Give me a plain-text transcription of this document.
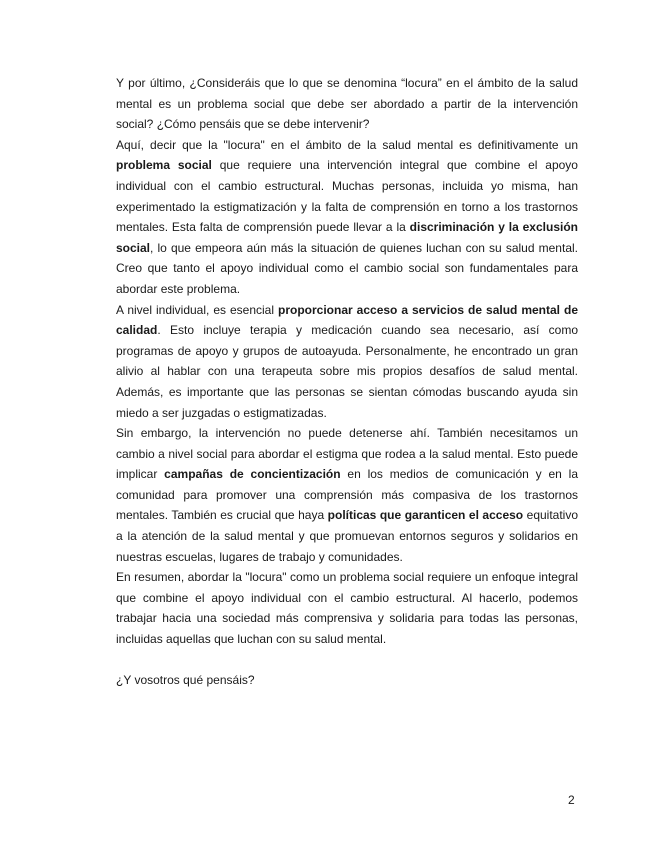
Y por último, ¿Consideráis que lo que se denomina “locura” en el ámbito de la salud mental es un problema social que debe ser abordado a partir de la intervención social? ¿Cómo pensáis que se debe intervenir?

Aquí, decir que la "locura" en el ámbito de la salud mental es definitivamente un problema social que requiere una intervención integral que combine el apoyo individual con el cambio estructural. Muchas personas, incluida yo misma, han experimentado la estigmatización y la falta de comprensión en torno a los trastornos mentales. Esta falta de comprensión puede llevar a la discriminación y la exclusión social, lo que empeora aún más la situación de quienes luchan con su salud mental. Creo que tanto el apoyo individual como el cambio social son fundamentales para abordar este problema.

A nivel individual, es esencial proporcionar acceso a servicios de salud mental de calidad. Esto incluye terapia y medicación cuando sea necesario, así como programas de apoyo y grupos de autoayuda. Personalmente, he encontrado un gran alivio al hablar con una terapeuta sobre mis propios desafíos de salud mental. Además, es importante que las personas se sientan cómodas buscando ayuda sin miedo a ser juzgadas o estigmatizadas.

Sin embargo, la intervención no puede detenerse ahí. También necesitamos un cambio a nivel social para abordar el estigma que rodea a la salud mental. Esto puede implicar campañas de concientización en los medios de comunicación y en la comunidad para promover una comprensión más compasiva de los trastornos mentales. También es crucial que haya políticas que garanticen el acceso equitativo a la atención de la salud mental y que promuevan entornos seguros y solidarios en nuestras escuelas, lugares de trabajo y comunidades.

En resumen, abordar la "locura" como un problema social requiere un enfoque integral que combine el apoyo individual con el cambio estructural. Al hacerlo, podemos trabajar hacia una sociedad más comprensiva y solidaria para todas las personas, incluidas aquellas que luchan con su salud mental.

¿Y vosotros qué pensáis?

2
